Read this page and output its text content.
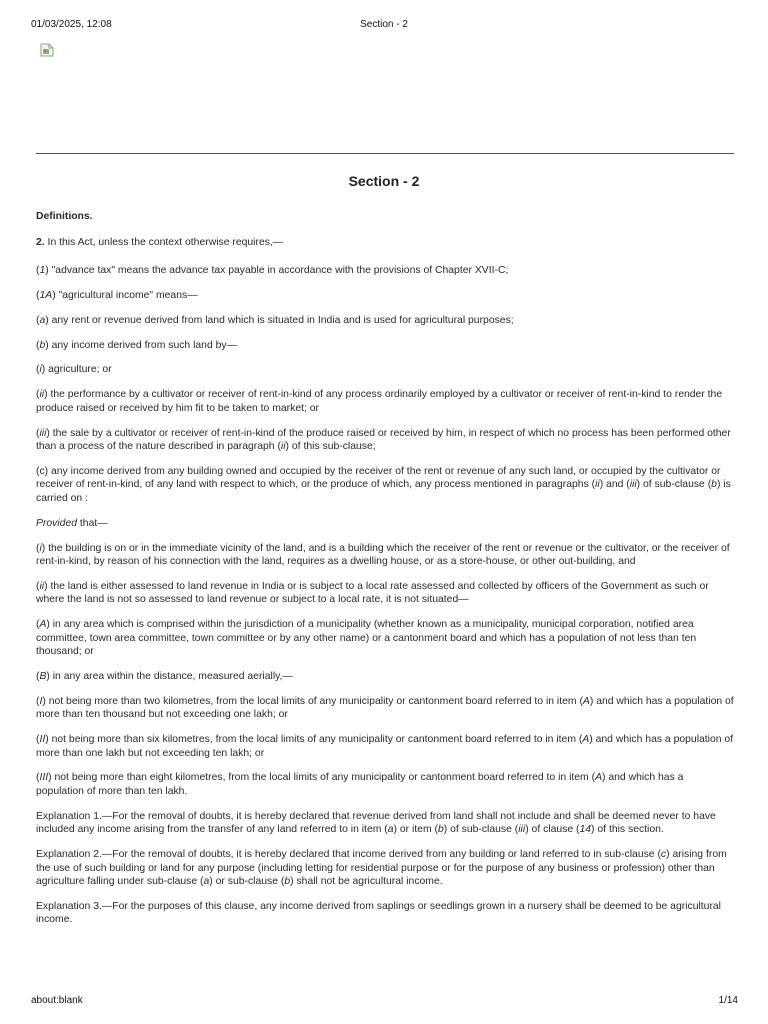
01/03/2025, 12:08	Section - 2
Section - 2

Definitions.

2. In this Act, unless the context otherwise requires,—

(1) "advance tax" means the advance tax payable in accordance with the provisions of Chapter XVII-C;

(1A) "agricultural income" means—

(a) any rent or revenue derived from land which is situated in India and is used for agricultural purposes;

(b) any income derived from such land by—

(i) agriculture; or

(ii) the performance by a cultivator or receiver of rent-in-kind of any process ordinarily employed by a cultivator or receiver of rent-in-kind to render the produce raised or received by him fit to be taken to market; or

(iii) the sale by a cultivator or receiver of rent-in-kind of the produce raised or received by him, in respect of which no process has been performed other than a process of the nature described in paragraph (ii) of this sub-clause;

(c) any income derived from any building owned and occupied by the receiver of the rent or revenue of any such land, or occupied by the cultivator or receiver of rent-in-kind, of any land with respect to which, or the produce of which, any process mentioned in paragraphs (ii) and (iii) of sub-clause (b) is carried on :

Provided that—

(i) the building is on or in the immediate vicinity of the land, and is a building which the receiver of the rent or revenue or the cultivator, or the receiver of rent-in-kind, by reason of his connection with the land, requires as a dwelling house, or as a store-house, or other out-building, and

(ii) the land is either assessed to land revenue in India or is subject to a local rate assessed and collected by officers of the Government as such or where the land is not so assessed to land revenue or subject to a local rate, it is not situated—

(A) in any area which is comprised within the jurisdiction of a municipality (whether known as a municipality, municipal corporation, notified area committee, town area committee, town committee or by any other name) or a cantonment board and which has a population of not less than ten thousand; or

(B) in any area within the distance, measured aerially,—

(I) not being more than two kilometres, from the local limits of any municipality or cantonment board referred to in item (A) and which has a population of more than ten thousand but not exceeding one lakh; or

(II) not being more than six kilometres, from the local limits of any municipality or cantonment board referred to in item (A) and which has a population of more than one lakh but not exceeding ten lakh; or

(III) not being more than eight kilometres, from the local limits of any municipality or cantonment board referred to in item (A) and which has a population of more than ten lakh.

Explanation 1.—For the removal of doubts, it is hereby declared that revenue derived from land shall not include and shall be deemed never to have included any income arising from the transfer of any land referred to in item (a) or item (b) of sub-clause (iii) of clause (14) of this section.

Explanation 2.—For the removal of doubts, it is hereby declared that income derived from any building or land referred to in sub-clause (c) arising from the use of such building or land for any purpose (including letting for residential purpose or for the purpose of any business or profession) other than agriculture falling under sub-clause (a) or sub-clause (b) shall not be agricultural income.

Explanation 3.—For the purposes of this clause, any income derived from saplings or seedlings grown in a nursery shall be deemed to be agricultural income.

about:blank	1/14
